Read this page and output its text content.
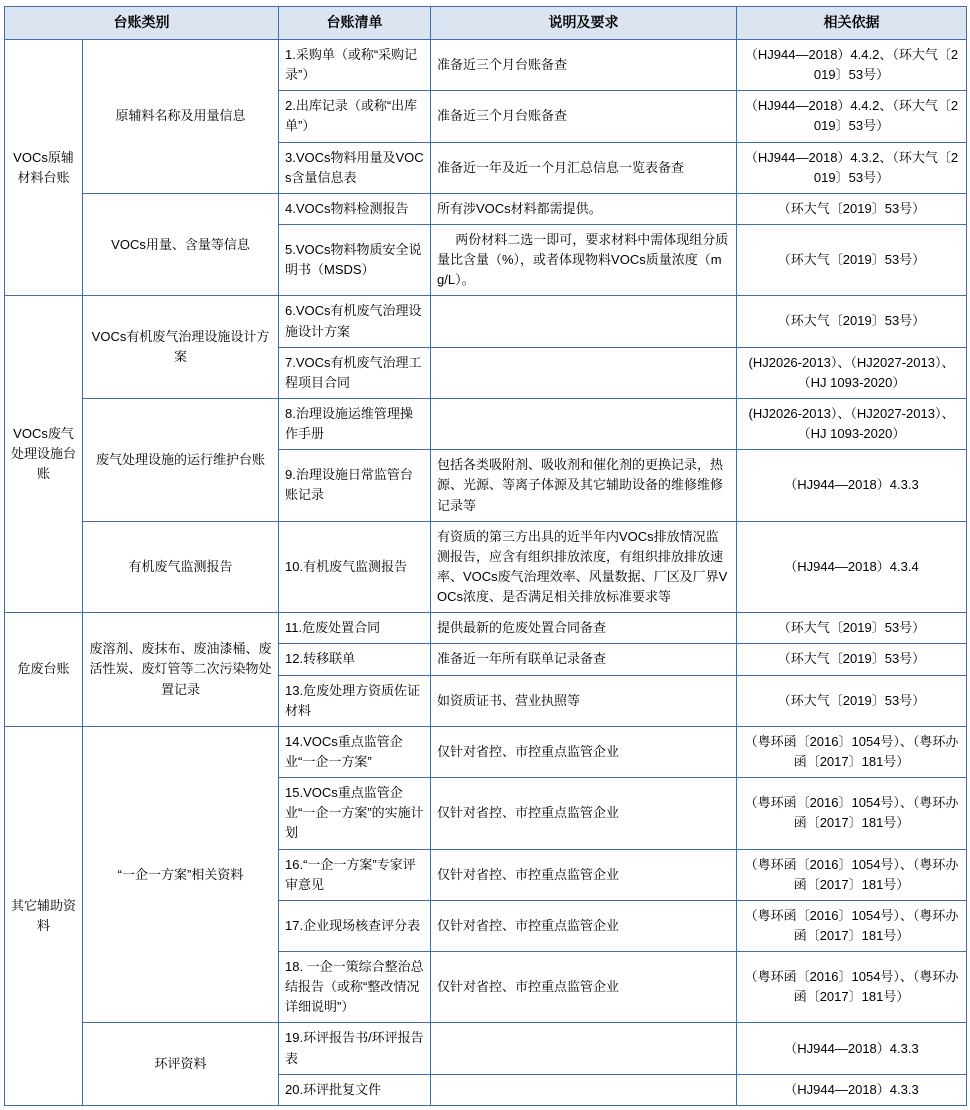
台账类别		台账清单	说明及要求	相关依据
VOCs原辅材料台账	原辅料名称及用量信息	1.采购单（或称“采购记录”）	准备近三个月台账备查	（HJ944—2018）4.4.2、（环大气〔2019〕53号）
		2.出库记录（或称“出库单”）	准备近三个月台账备查	（HJ944—2018）4.4.2、（环大气〔2019〕53号）
		3.VOCs物料用量及VOCs含量信息表	准备近一年及近一个月汇总信息一览表备查	（HJ944—2018）4.3.2、（环大气〔2019〕53号）
	VOCs用量、含量等信息	4.VOCs物料检测报告	所有涉VOCs材料都需提供。	（环大气〔2019〕53号）
		5.VOCs物料物质安全说明书（MSDS）	两份材料二选一即可，要求材料中需体现组分质量比含量（%），或者体现物料VOCs质量浓度（mg/L）。	（环大气〔2019〕53号）
VOCs废气处理设施台账	VOCs有机废气治理设施设计方案	6.VOCs有机废气治理设施设计方案		（环大气〔2019〕53号）
		7.VOCs有机废气治理工程项目合同		(HJ2026-2013）、（HJ2027-2013）、（HJ 1093-2020）
	废气处理设施的运行维护台账	8.治理设施运维管理操作手册		(HJ2026-2013）、（HJ2027-2013）、（HJ 1093-2020）
		9.治理设施日常监管台账记录	包括各类吸附剂、吸收剂和催化剂的更换记录，热源、光源、等离子体源及其它辅助设备的维修维修记录等	（HJ944—2018）4.3.3
	有机废气监测报告	10.有机废气监测报告	有资质的第三方出具的近半年内VOCs排放情况监测报告，应含有组织排放浓度，有组织排放排放速率、VOCs废气治理效率、风量数据、厂区及厂界VOCs浓度、是否满足相关排放标准要求等	（HJ944—2018）4.3.4
危废台账	废溶剂、废抹布、废油漆桶、废活性炭、废灯管等二次污染物处置记录	11.危废处置合同	提供最新的危废处置合同备查	（环大气〔2019〕53号）
		12.转移联单	准备近一年所有联单记录备查	（环大气〔2019〕53号）
		13.危废处理方资质佐证材料	如资质证书、营业执照等	（环大气〔2019〕53号）
其它辅助资料	“一企一方案”相关资料	14.VOCs重点监管企业“一企一方案”	仅针对省控、市控重点监管企业	（粤环函〔2016〕1054号）、（粤环办函〔2017〕181号）
		15.VOCs重点监管企业“一企一方案”的实施计划	仅针对省控、市控重点监管企业	（粤环函〔2016〕1054号）、（粤环办函〔2017〕181号）
		16.“一企一方案”专家评审意见	仅针对省控、市控重点监管企业	（粤环函〔2016〕1054号）、（粤环办函〔2017〕181号）
		17.企业现场核查评分表	仅针对省控、市控重点监管企业	（粤环函〔2016〕1054号）、（粤环办函〔2017〕181号）
		18. 一企一策综合整治总结报告（或称“整改情况详细说明”）	仅针对省控、市控重点监管企业	（粤环函〔2016〕1054号）、（粤环办函〔2017〕181号）
	环评资料	19.环评报告书/环评报告表		（HJ944—2018）4.3.3
		20.环评批复文件		（HJ944—2018）4.3.3
